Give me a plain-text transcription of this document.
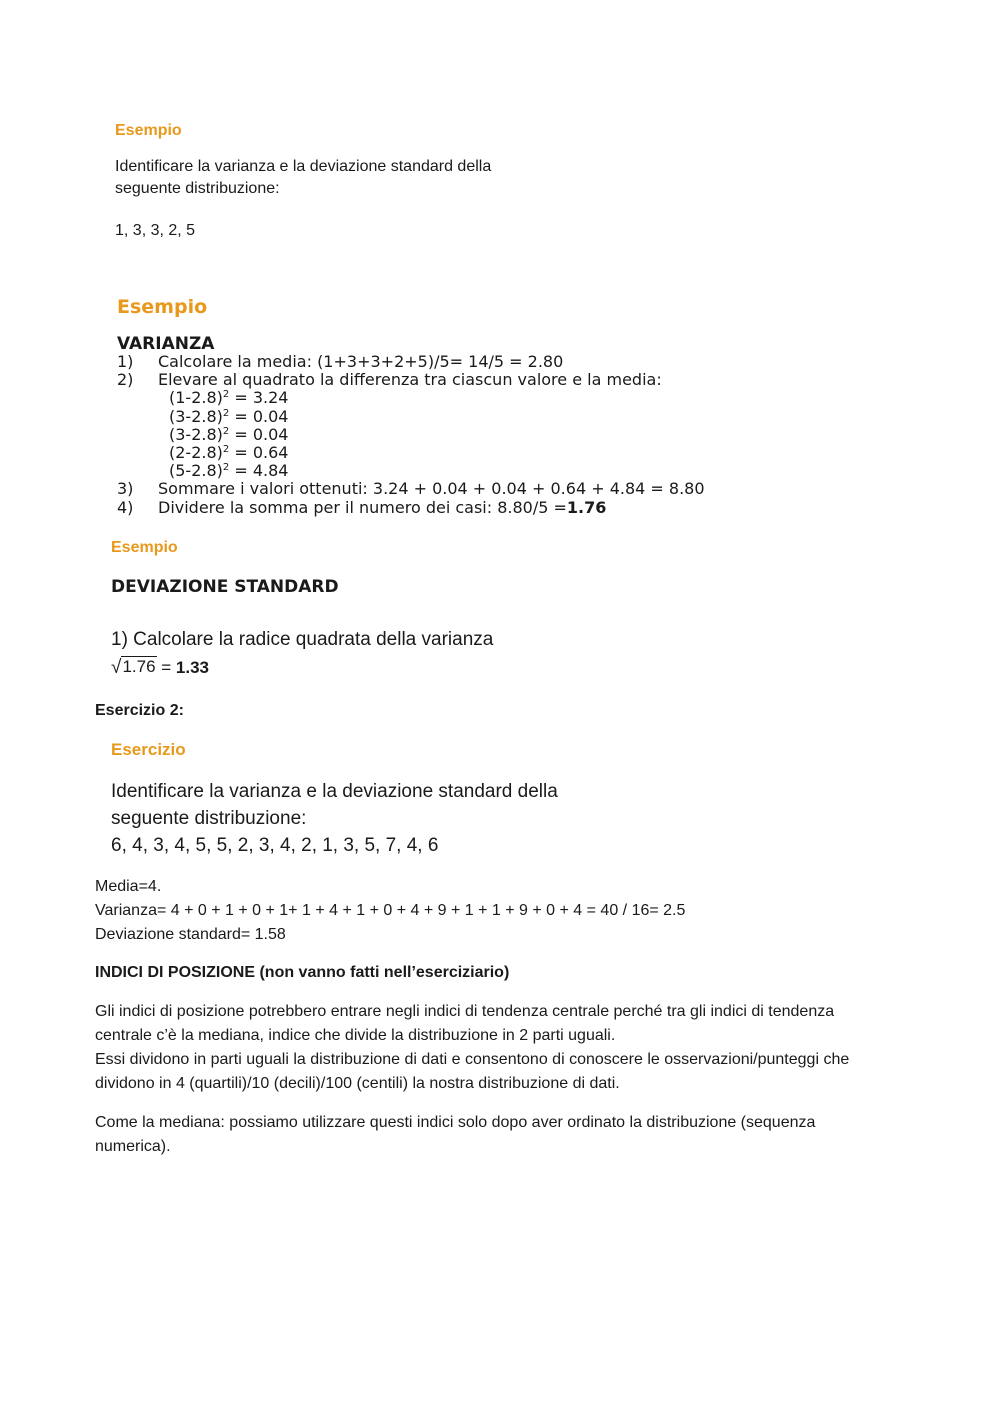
Esempio
Identificare la varianza e la deviazione standard della
seguente distribuzione:
1, 3, 3, 2, 5
Esempio
VARIANZA
1) Calcolare la media: (1+3+3+2+5)/5= 14/5 = 2.80
2) Elevare al quadrato la differenza tra ciascun valore e la media:
$(1-2.8)^2 = 3.24$
$(3-2.8)^2 = 0.04$
$(3-2.8)^2 = 0.04$
$(2-2.8)^2 = 0.64$
$(5-2.8)^2 = 4.84$
3) Sommare i valori ottenuti: 3.24 + 0.04 + 0.04 + 0.64 + 4.84 = 8.80
4) Dividere la somma per il numero dei casi: 8.80/5 =1.76
Esempio
DEVIAZIONE STANDARD
1) Calcolare la radice quadrata della varianza
√ 1.76 = 1.33
Esercizio 2:
Esercizio
Identificare la varianza e la deviazione standard della
seguente distribuzione:
6, 4, 3, 4, 5, 5, 2, 3, 4, 2, 1, 3, 5, 7, 4, 6
Media=4.
Varianza= 4 + 0 + 1 + 0 + 1+ 1 + 4 + 1 + 0 + 4 + 9 + 1 + 1 + 9 + 0 + 4 = 40 / 16= 2.5
Deviazione standard= 1.58
INDICI DI POSIZIONE (non vanno fatti nell’eserciziario)
Gli indici di posizione potrebbero entrare negli indici di tendenza centrale perché tra gli indici di tendenza
centrale c’è la mediana, indice che divide la distribuzione in 2 parti uguali.
Essi dividono in parti uguali la distribuzione di dati e consentono di conoscere le osservazioni/punteggi che
dividono in 4 (quartili)/10 (decili)/100 (centili) la nostra distribuzione di dati.
Come la mediana: possiamo utilizzare questi indici solo dopo aver ordinato la distribuzione (sequenza
numerica).
